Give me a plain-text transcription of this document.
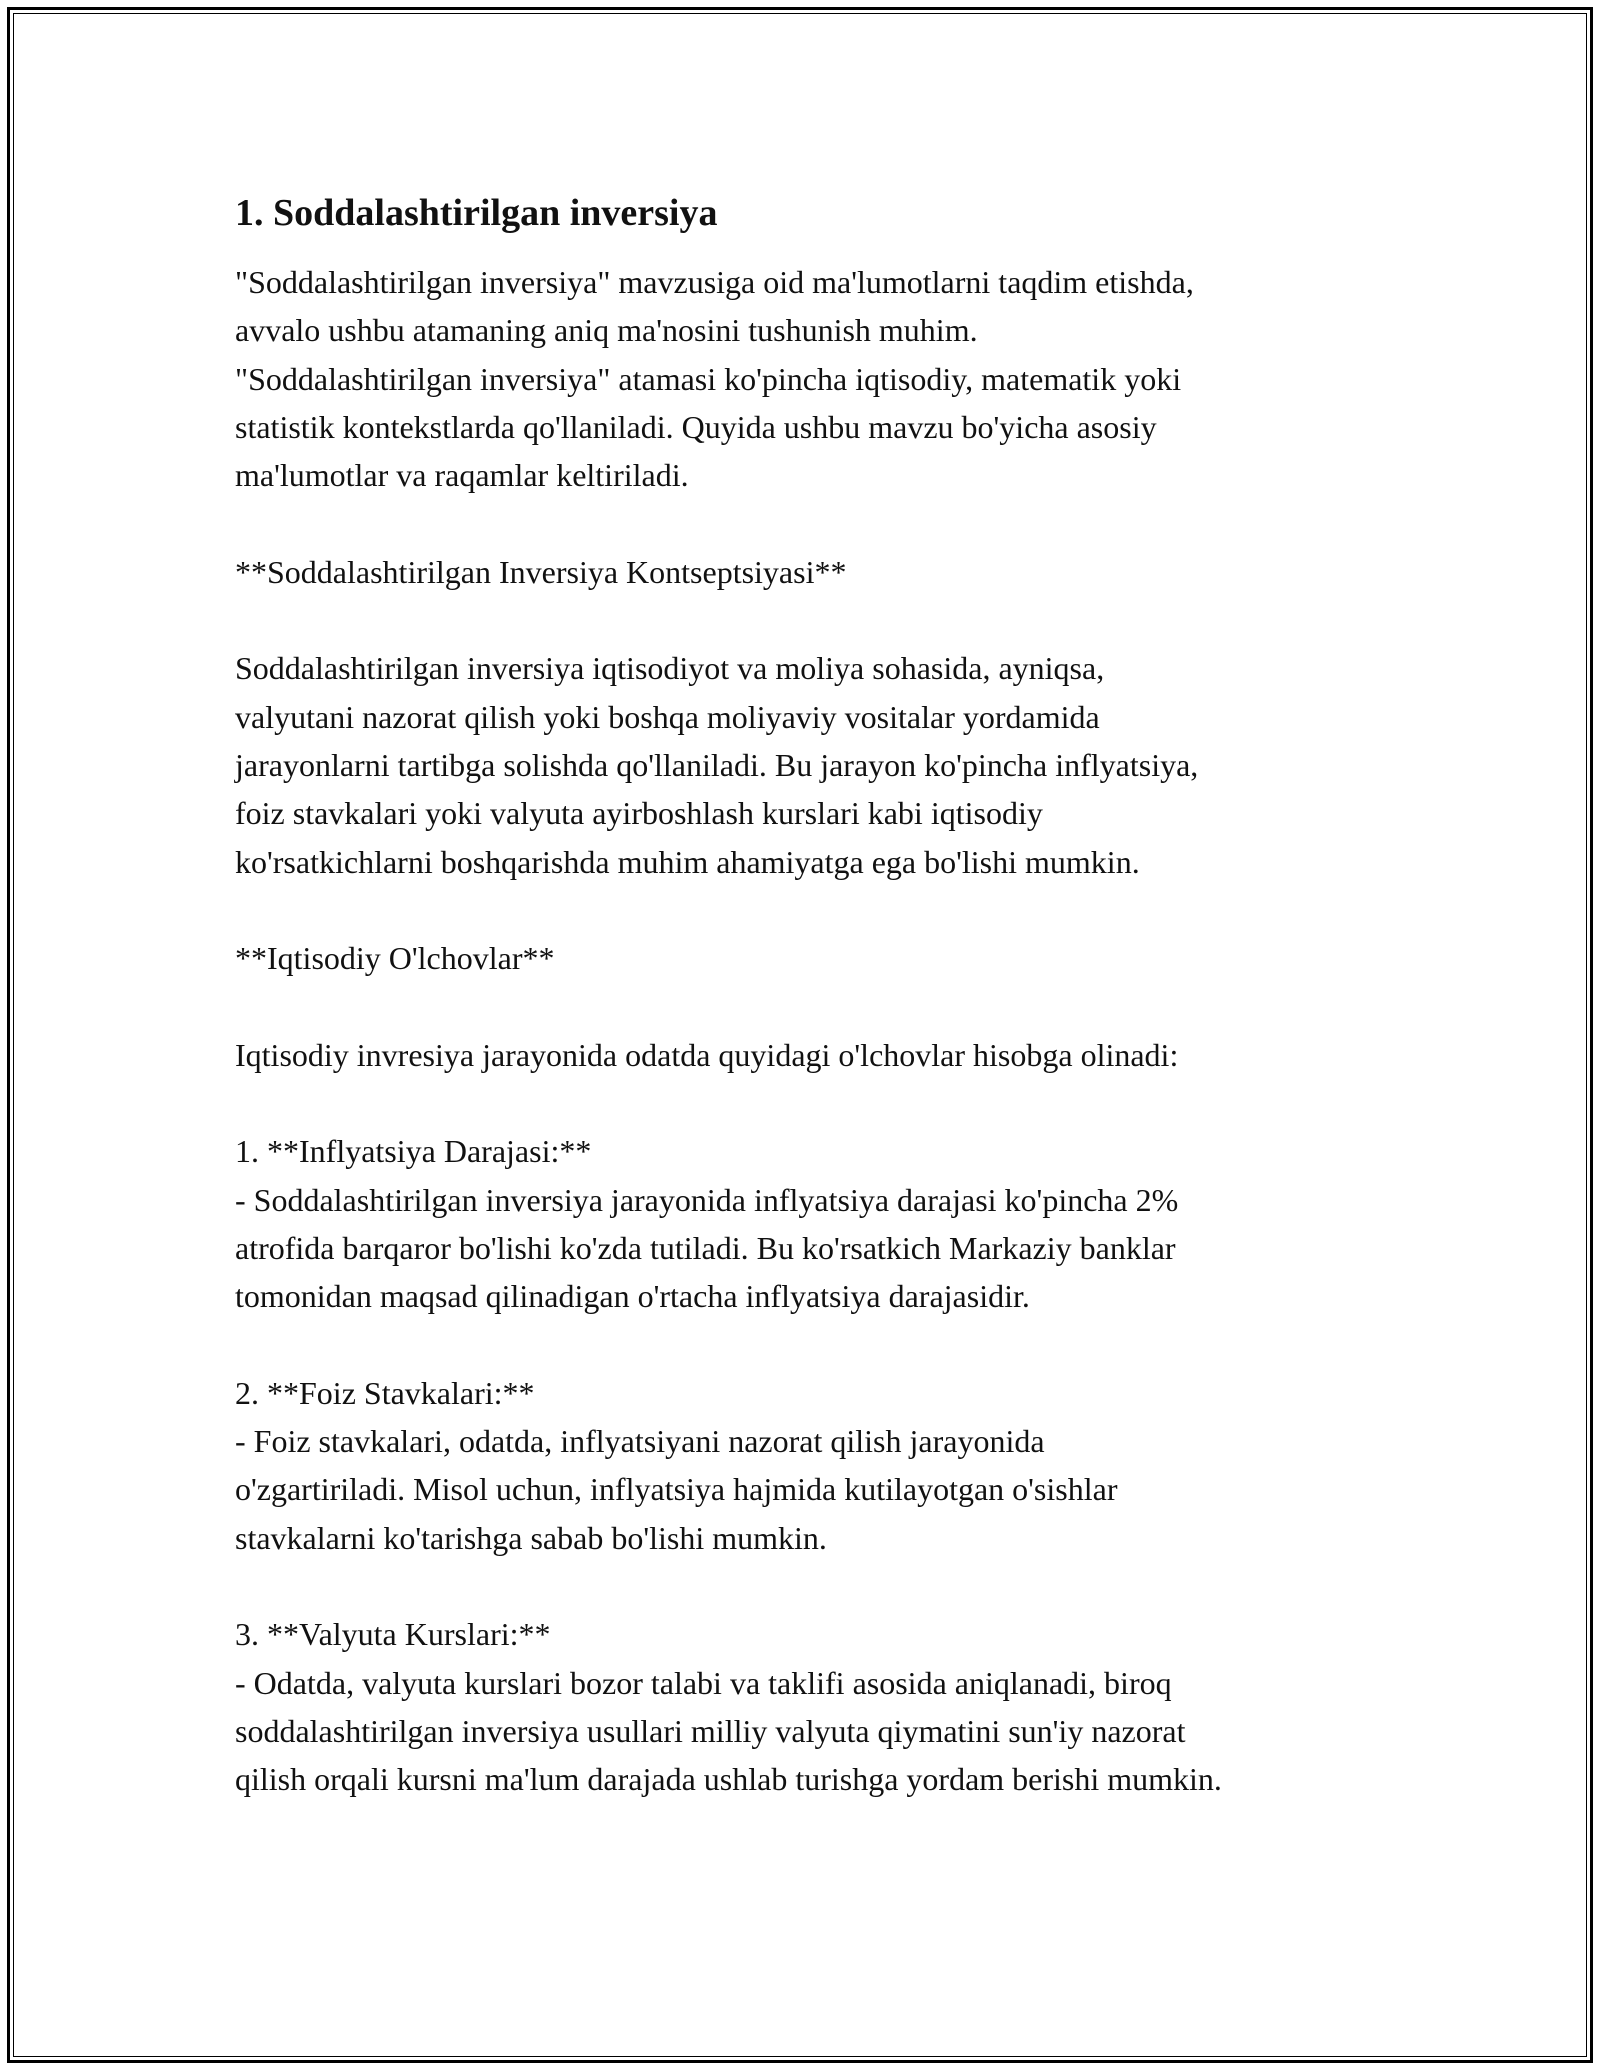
1. Soddalashtirilgan inversiya

"Soddalashtirilgan inversiya" mavzusiga oid ma'lumotlarni taqdim etishda,
avvalo ushbu atamaning aniq ma'nosini tushunish muhim.
"Soddalashtirilgan inversiya" atamasi ko'pincha iqtisodiy, matematik yoki
statistik kontekstlarda qo'llaniladi. Quyida ushbu mavzu bo'yicha asosiy
ma'lumotlar va raqamlar keltiriladi.

**Soddalashtirilgan Inversiya Kontseptsiyasi**

Soddalashtirilgan inversiya iqtisodiyot va moliya sohasida, ayniqsa,
valyutani nazorat qilish yoki boshqa moliyaviy vositalar yordamida
jarayonlarni tartibga solishda qo'llaniladi. Bu jarayon ko'pincha inflyatsiya,
foiz stavkalari yoki valyuta ayirboshlash kurslari kabi iqtisodiy
ko'rsatkichlarni boshqarishda muhim ahamiyatga ega bo'lishi mumkin.

**Iqtisodiy O'lchovlar**

Iqtisodiy invresiya jarayonida odatda quyidagi o'lchovlar hisobga olinadi:

1. **Inflyatsiya Darajasi:**
- Soddalashtirilgan inversiya jarayonida inflyatsiya darajasi ko'pincha 2%
atrofida barqaror bo'lishi ko'zda tutiladi. Bu ko'rsatkich Markaziy banklar
tomonidan maqsad qilinadigan o'rtacha inflyatsiya darajasidir.

2. **Foiz Stavkalari:**
- Foiz stavkalari, odatda, inflyatsiyani nazorat qilish jarayonida
o'zgartiriladi. Misol uchun, inflyatsiya hajmida kutilayotgan o'sishlar
stavkalarni ko'tarishga sabab bo'lishi mumkin.

3. **Valyuta Kurslari:**
- Odatda, valyuta kurslari bozor talabi va taklifi asosida aniqlanadi, biroq
soddalashtirilgan inversiya usullari milliy valyuta qiymatini sun'iy nazorat
qilish orqali kursni ma'lum darajada ushlab turishga yordam berishi mumkin.
